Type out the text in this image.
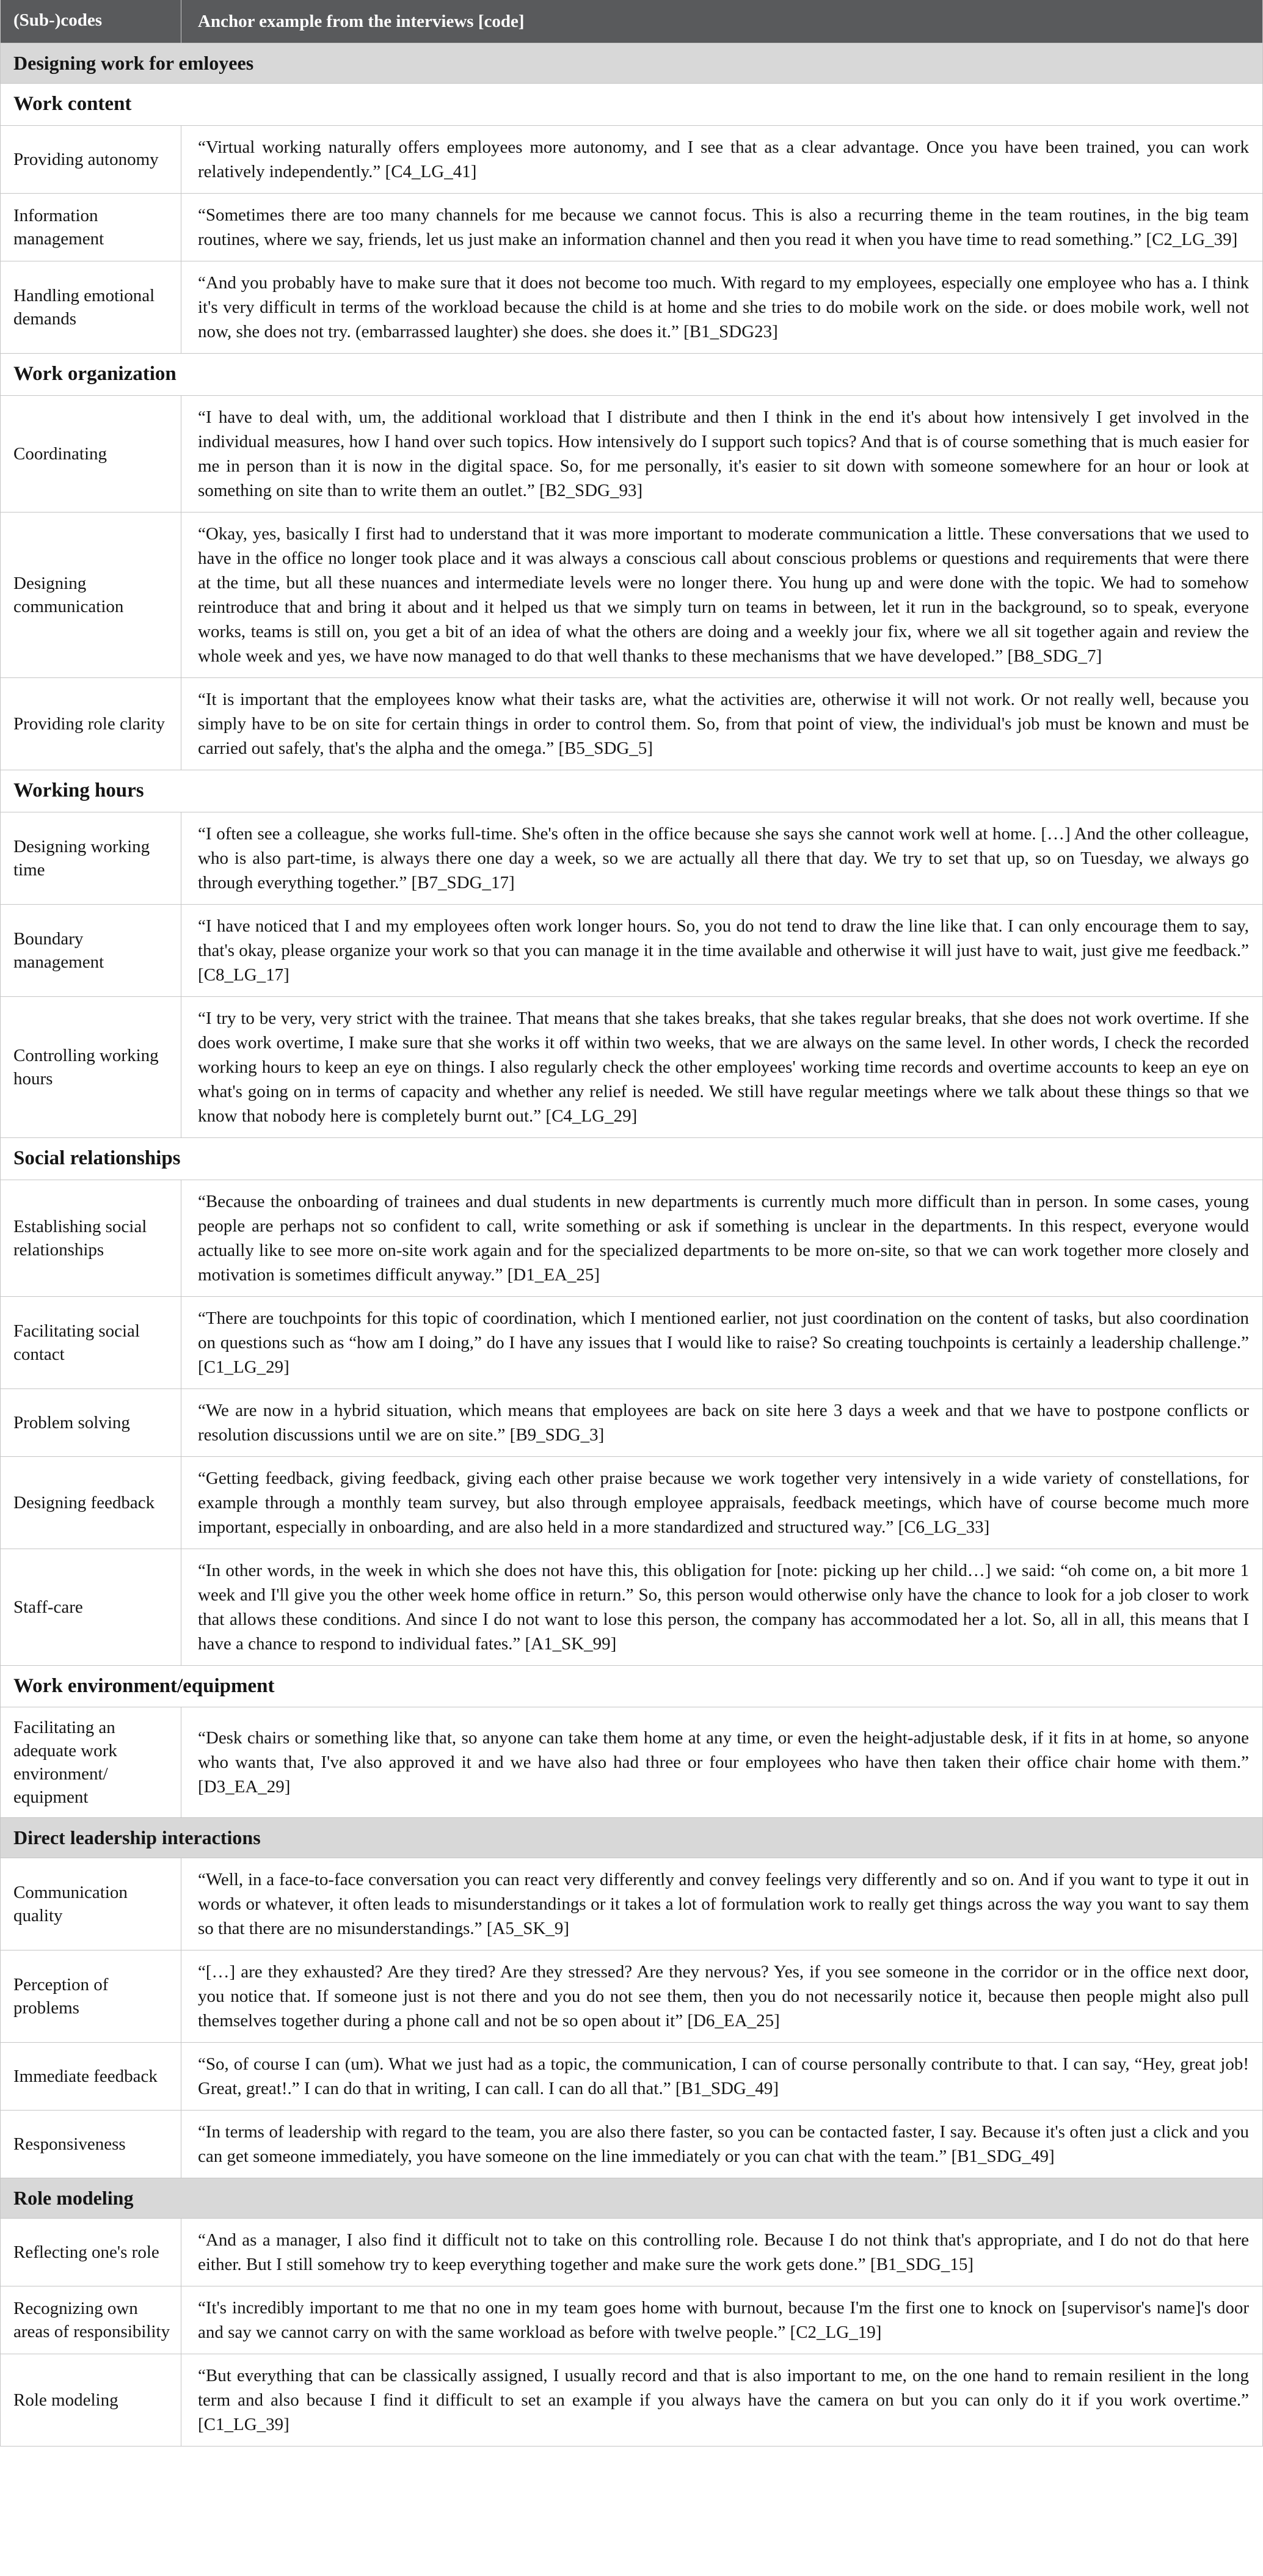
(Sub-)codes	Anchor example from the interviews [code]
Designing work for emloyees
Work content
Providing autonomy

“Virtual working naturally offers employees more autonomy, and I see that as a clear advantage. Once you have been trained, you can work relatively independently.” [C4_LG_41]

Information management

“Sometimes there are too many channels for me because we cannot focus. This is also a recurring theme in the team routines, in the big team routines, where we say, friends, let us just make an information channel and then you read it when you have time to read something.” [C2_LG_39]

Handling emotional demands

“And you probably have to make sure that it does not become too much. With regard to my employees, especially one employee who has a. I think it's very difficult in terms of the workload because the child is at home and she tries to do mobile work on the side. or does mobile work, well not now, she does not try. (embarrassed laughter) she does. she does it.” [B1_SDG23]

Work organization
Coordinating

“I have to deal with, um, the additional workload that I distribute and then I think in the end it's about how intensively I get involved in the individual measures, how I hand over such topics. How intensively do I support such topics? And that is of course something that is much easier for me in person than it is now in the digital space. So, for me personally, it's easier to sit down with someone somewhere for an hour or look at something on site than to write them an outlet.” [B2_SDG_93]

Designing communication

“Okay, yes, basically I first had to understand that it was more important to moderate communication a little. These conversations that we used to have in the office no longer took place and it was always a conscious call about conscious problems or questions and requirements that were there at the time, but all these nuances and intermediate levels were no longer there. You hung up and were done with the topic. We had to somehow reintroduce that and bring it about and it helped us that we simply turn on teams in between, let it run in the background, so to speak, everyone works, teams is still on, you get a bit of an idea of what the others are doing and a weekly jour fix, where we all sit together again and review the whole week and yes, we have now managed to do that well thanks to these mechanisms that we have developed.” [B8_SDG_7]

Providing role clarity

“It is important that the employees know what their tasks are, what the activities are, otherwise it will not work. Or not really well, because you simply have to be on site for certain things in order to control them. So, from that point of view, the individual's job must be known and must be carried out safely, that's the alpha and the omega.” [B5_SDG_5]

Working hours
Designing working time

“I often see a colleague, she works full-time. She's often in the office because she says she cannot work well at home. […] And the other colleague, who is also part-time, is always there one day a week, so we are actually all there that day. We try to set that up, so on Tuesday, we always go through everything together.” [B7_SDG_17]

Boundary management

“I have noticed that I and my employees often work longer hours. So, you do not tend to draw the line like that. I can only encourage them to say, that's okay, please organize your work so that you can manage it in the time available and otherwise it will just have to wait, just give me feedback.” [C8_LG_17]

Controlling working hours

“I try to be very, very strict with the trainee. That means that she takes breaks, that she takes regular breaks, that she does not work overtime. If she does work overtime, I make sure that she works it off within two weeks, that we are always on the same level. In other words, I check the recorded working hours to keep an eye on things. I also regularly check the other employees' working time records and overtime accounts to keep an eye on what's going on in terms of capacity and whether any relief is needed. We still have regular meetings where we talk about these things so that we know that nobody here is completely burnt out.” [C4_LG_29]

Social relationships
Establishing social relationships

“Because the onboarding of trainees and dual students in new departments is currently much more difficult than in person. In some cases, young people are perhaps not so confident to call, write something or ask if something is unclear in the departments. In this respect, everyone would actually like to see more on-site work again and for the specialized departments to be more on-site, so that we can work together more closely and motivation is sometimes difficult anyway.” [D1_EA_25]

Facilitating social contact

“There are touchpoints for this topic of coordination, which I mentioned earlier, not just coordination on the content of tasks, but also coordination on questions such as “how am I doing,” do I have any issues that I would like to raise? So creating touchpoints is certainly a leadership challenge.” [C1_LG_29]

Problem solving

“We are now in a hybrid situation, which means that employees are back on site here 3 days a week and that we have to postpone conflicts or resolution discussions until we are on site.” [B9_SDG_3]

Designing feedback

“Getting feedback, giving feedback, giving each other praise because we work together very intensively in a wide variety of constellations, for example through a monthly team survey, but also through employee appraisals, feedback meetings, which have of course become much more important, especially in onboarding, and are also held in a more standardized and structured way.” [C6_LG_33]

Staff-care

“In other words, in the week in which she does not have this, this obligation for [note: picking up her child…] we said: “oh come on, a bit more 1 week and I'll give you the other week home office in return.” So, this person would otherwise only have the chance to look for a job closer to work that allows these conditions. And since I do not want to lose this person, the company has accommodated her a lot. So, all in all, this means that I have a chance to respond to individual fates.” [A1_SK_99]

Work environment/equipment
Facilitating an adequate work environment/ equipment

“Desk chairs or something like that, so anyone can take them home at any time, or even the height-adjustable desk, if it fits in at home, so anyone who wants that, I've also approved it and we have also had three or four employees who have then taken their office chair home with them.” [D3_EA_29]

Direct leadership interactions
Communication quality

“Well, in a face-to-face conversation you can react very differently and convey feelings very differently and so on. And if you want to type it out in words or whatever, it often leads to misunderstandings or it takes a lot of formulation work to really get things across the way you want to say them so that there are no misunderstandings.” [A5_SK_9]

Perception of problems

“[…] are they exhausted? Are they tired? Are they stressed? Are they nervous? Yes, if you see someone in the corridor or in the office next door, you notice that. If someone just is not there and you do not see them, then you do not necessarily notice it, because then people might also pull themselves together during a phone call and not be so open about it” [D6_EA_25]

Immediate feedback

“So, of course I can (um). What we just had as a topic, the communication, I can of course personally contribute to that. I can say, “Hey, great job! Great, great!.” I can do that in writing, I can call. I can do all that.” [B1_SDG_49]

Responsiveness

“In terms of leadership with regard to the team, you are also there faster, so you can be contacted faster, I say. Because it's often just a click and you can get someone immediately, you have someone on the line immediately or you can chat with the team.” [B1_SDG_49]

Role modeling
Reflecting one's role

“And as a manager, I also find it difficult not to take on this controlling role. Because I do not think that's appropriate, and I do not do that here either. But I still somehow try to keep everything together and make sure the work gets done.” [B1_SDG_15]

Recognizing own areas of responsibility

“It's incredibly important to me that no one in my team goes home with burnout, because I'm the first one to knock on [supervisor's name]'s door and say we cannot carry on with the same workload as before with twelve people.” [C2_LG_19]

Role modeling

“But everything that can be classically assigned, I usually record and that is also important to me, on the one hand to remain resilient in the long term and also because I find it difficult to set an example if you always have the camera on but you can only do it if you work overtime.” [C1_LG_39]
